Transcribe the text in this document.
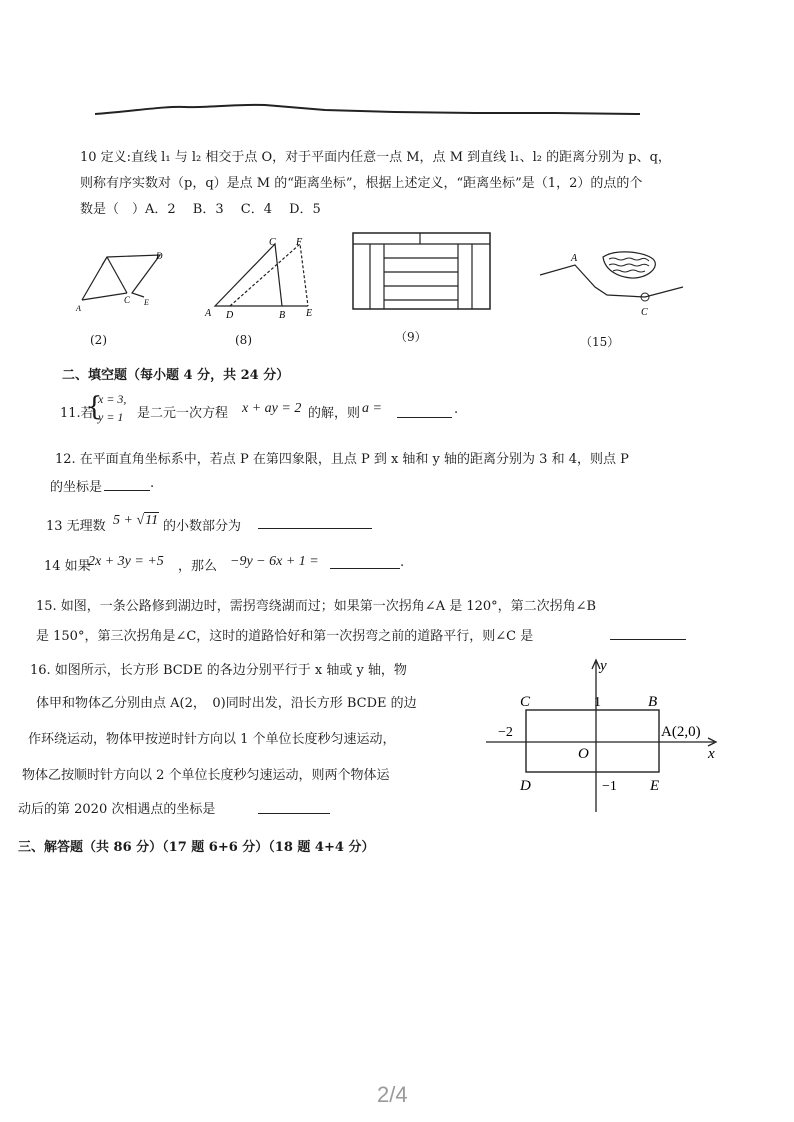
10 定义:直线 l₁ 与 l₂ 相交于点 O，对于平面内任意一点 M，点 M 到直线 l₁、l₂ 的距离分别为 p、q，
则称有序实数对（p，q）是点 M 的“距离坐标”，根据上述定义，“距离坐标”是（1，2）的点的个
数是（　）A．2　 B．3　 C．4　 D．5
D
A
C E
(2)
C F
A D	B E
(8)	（9）
A
C
（15）
二、填空题（每小题 4 分，共 24 分）
11.若
{
x = 3,
y = 1 是二元一次方程 x + ay = 2 的解，则 a =	.
12. 在平面直角坐标系中，若点 P 在第四象限，且点 P 到 x 轴和 y 轴的距离分别为 3 和 4，则点 P
的坐标是	.
13 无理数 5 + √11 的小数部分为
14 如果
2x + 3y = +5 ，那么 −9y − 6x + 1 =	.
15. 如图，一条公路修到湖边时，需拐弯绕湖而过；如果第一次拐角∠A 是 120°，第二次拐角∠B
是 150°，第三次拐角是∠C，这时的道路恰好和第一次拐弯之前的道路平行，则∠C 是
16. 如图所示，长方形 BCDE 的各边分别平行于 x 轴或 y 轴，物
体甲和物体乙分别由点 A(2，　0)同时出发，沿长方形 BCDE 的边
作环绕运动，物体甲按逆时针方向以 1 个单位长度秒匀速运动，
物体乙按顺时针方向以 2 个单位长度秒匀速运动，则两个物体运
动后的第 2020 次相遇点的坐标是
y
x
O
C	B
D	E
A(2,0)
1
−2
−1
三、解答题（共 86 分）（17 题 6+6 分）（18 题 4+4 分）
2/4
